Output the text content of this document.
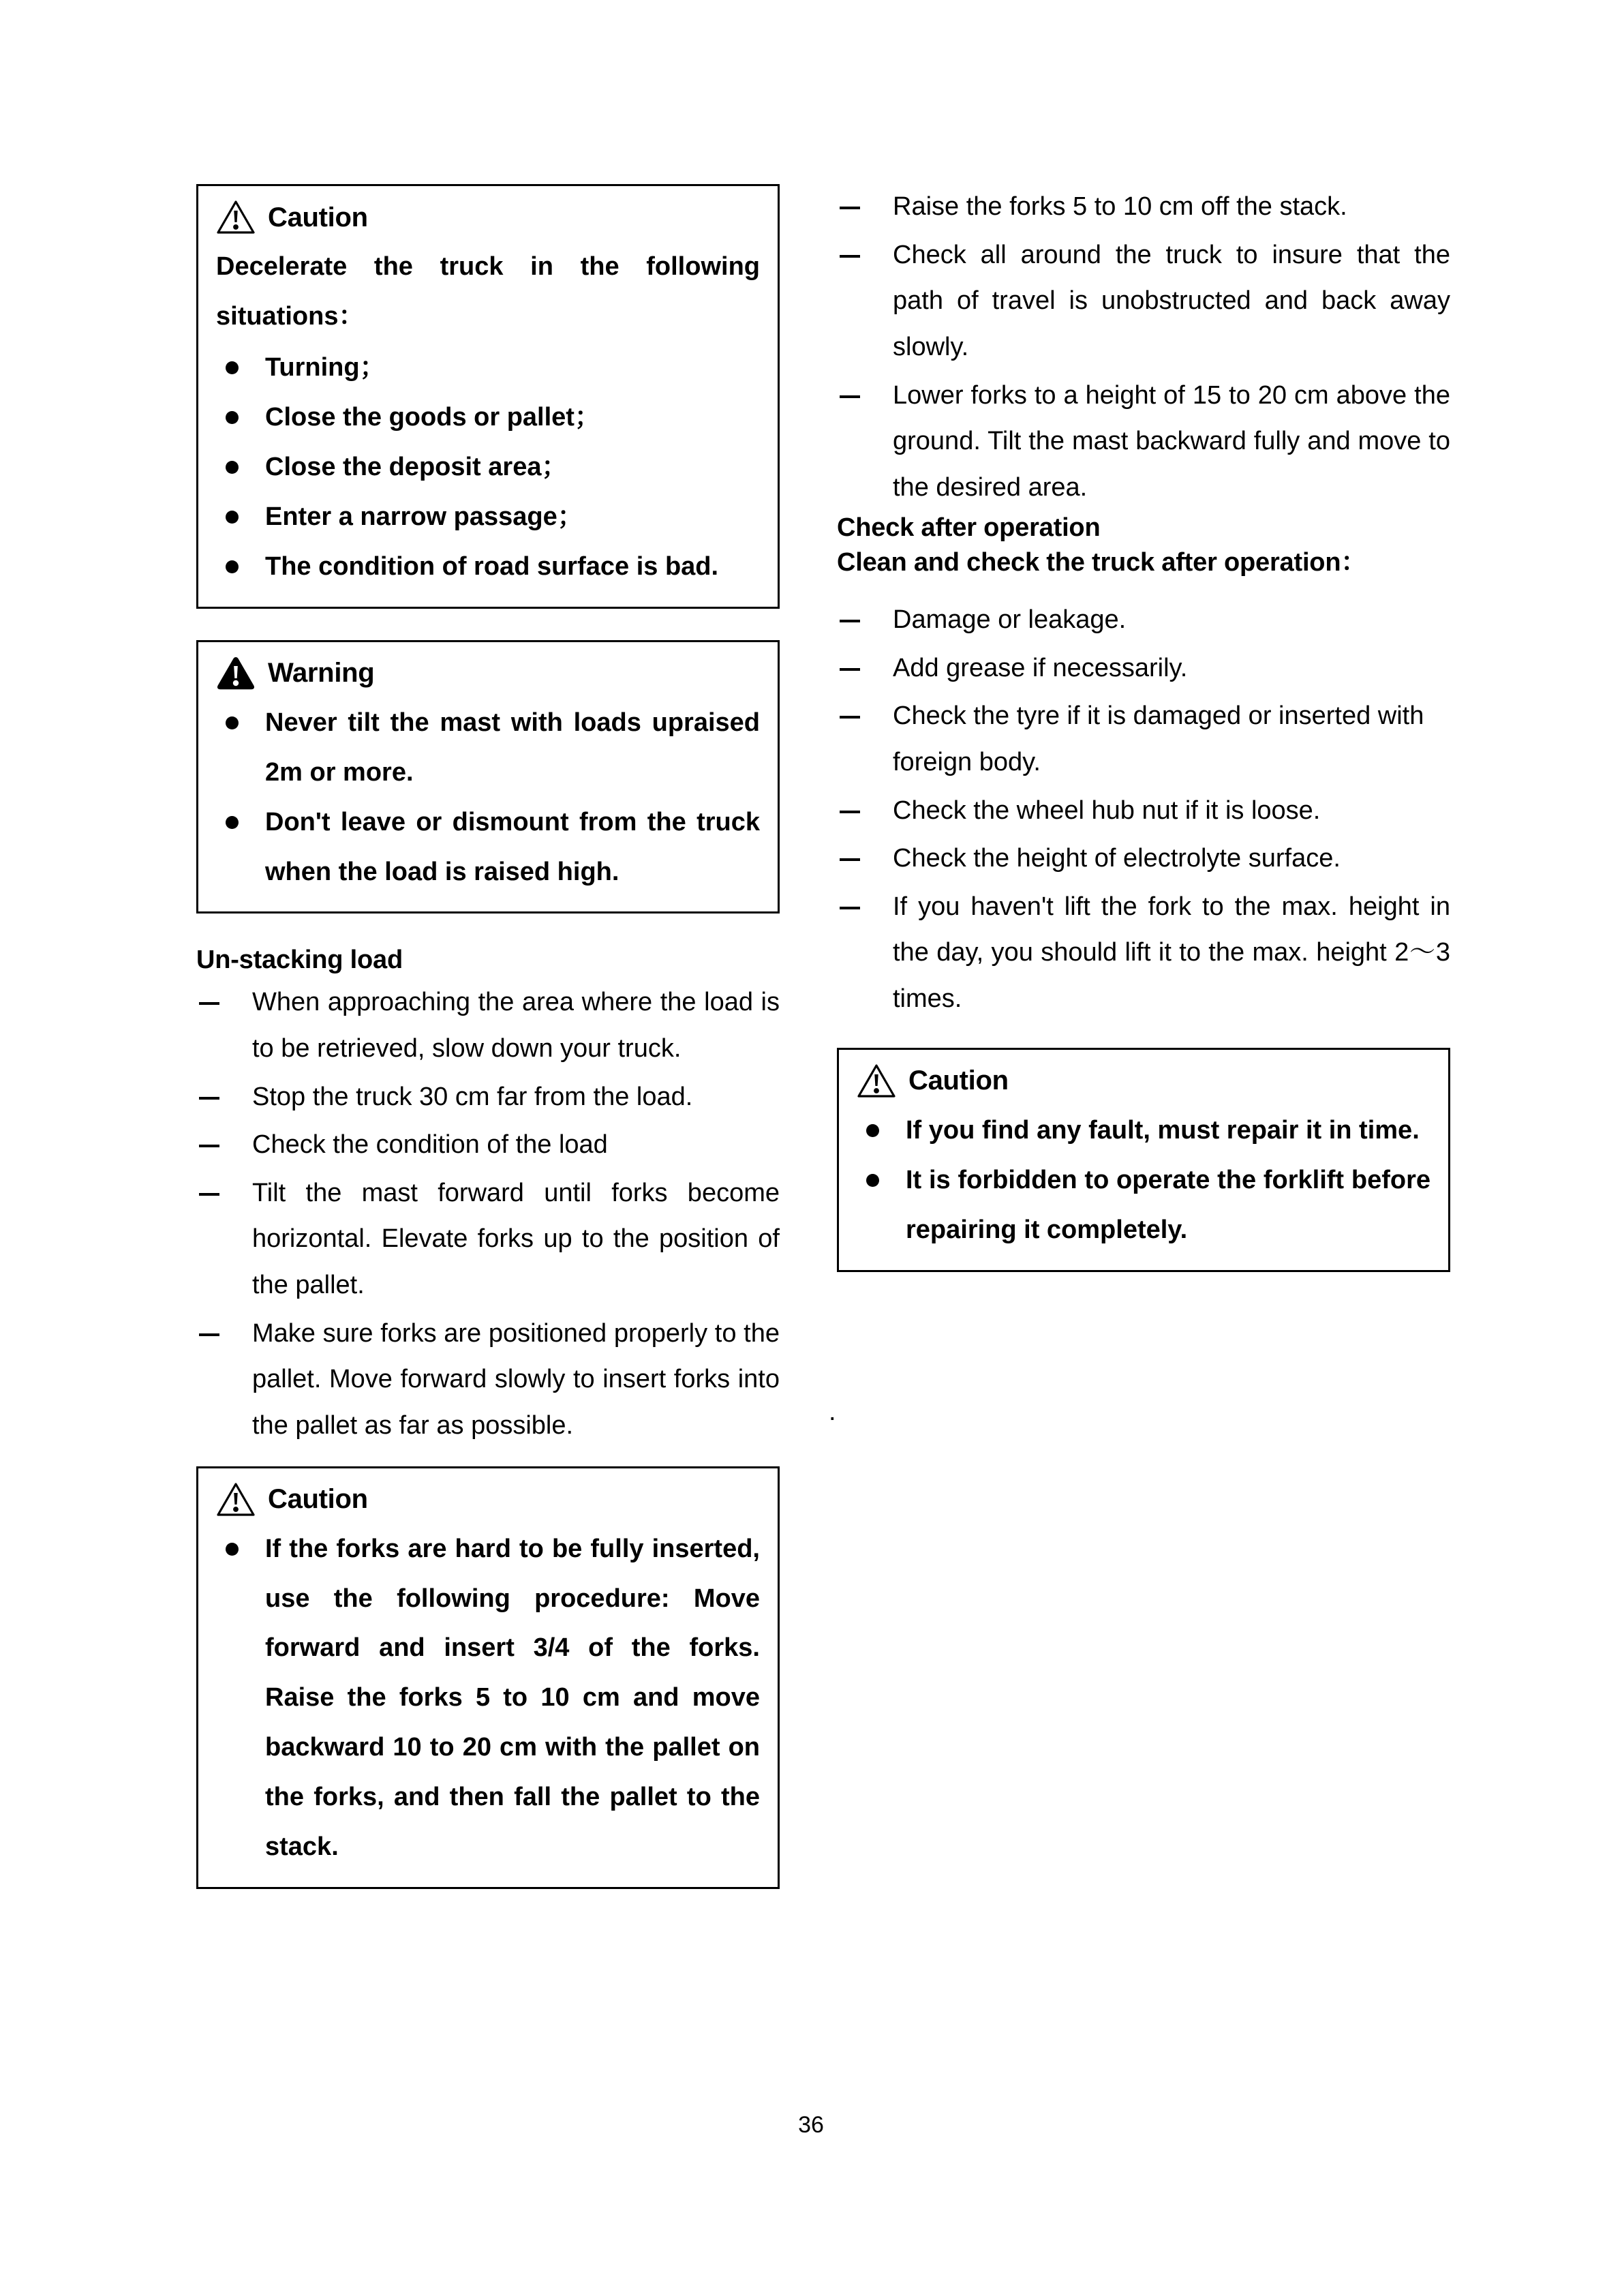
Caution

Decelerate the truck in the following situations：

Turning；
Close the goods or pallet；
Close the deposit area；
Enter a narrow passage；
The condition of road surface is bad.
Warning
Never tilt the mast with loads upraised 2m or more.
Don't leave or dismount from the truck when the load is raised high.
Un-stacking load
When approaching the area where the load is to be retrieved, slow down your truck.
Stop the truck 30 cm far from the load.
Check the condition of the load
Tilt the mast forward until forks become horizontal. Elevate forks up to the position of the pallet.
Make sure forks are positioned properly to the pallet. Move forward slowly to insert forks into the pallet as far as possible.
Caution
If the forks are hard to be fully inserted, use the following procedure: Move forward and insert 3/4 of the forks. Raise the forks 5 to 10 cm and move backward 10 to 20 cm with the pallet on the forks, and then fall the pallet to the stack.
Raise the forks 5 to 10 cm off the stack.
Check all around the truck to insure that the path of travel is unobstructed and back away slowly.
Lower forks to a height of 15 to 20 cm above the ground. Tilt the mast backward fully and move to the desired area.
Check after operation
Clean and check the truck after operation：
Damage or leakage.
Add grease if necessarily.
Check the tyre if it is damaged or inserted with foreign body.
Check the wheel hub nut if it is loose.
Check the height of electrolyte surface.
If you haven't lift the fork to the max. height in the day, you should lift it to the max. height 2〜3 times.
Caution
If you find any fault, must repair it in time.
It is forbidden to operate the forklift before repairing it completely.
.
36
